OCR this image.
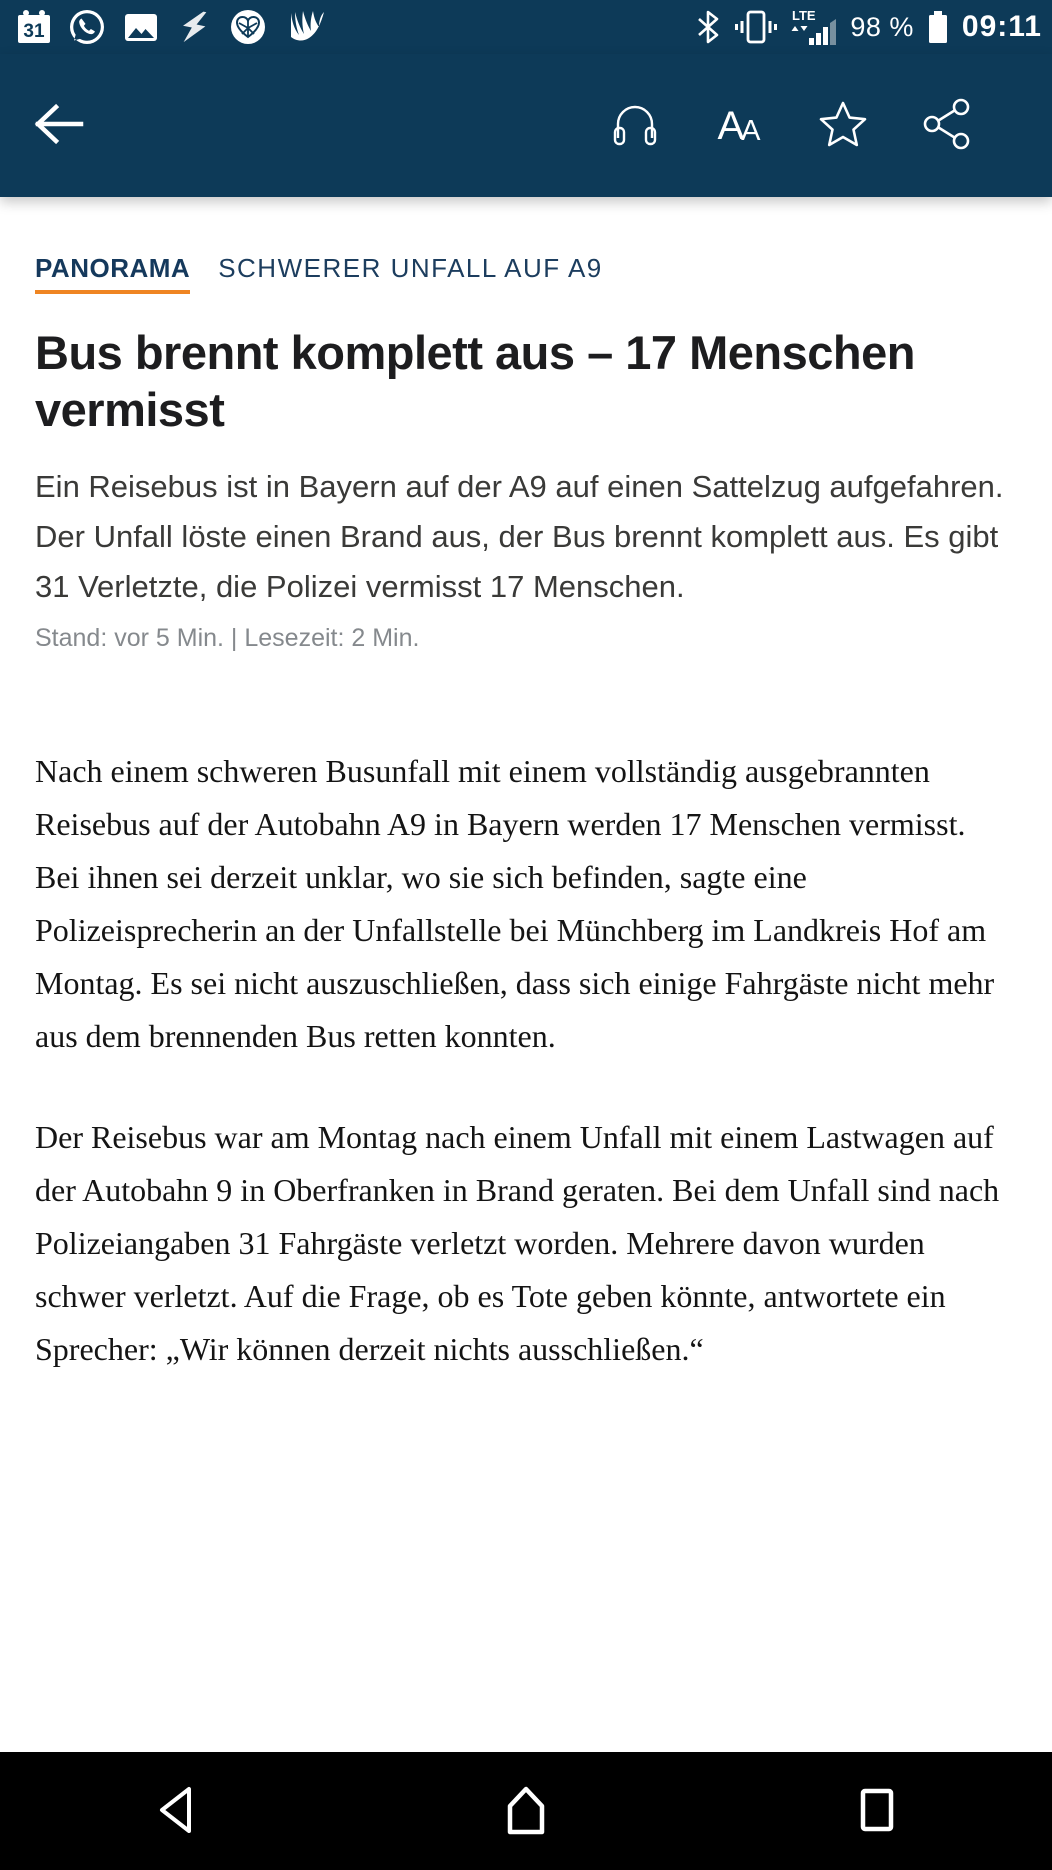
31
LTE 98 % 09:11
A
A
PANORAMA SCHWERER UNFALL AUF A9
Bus brennt komplett aus – 17 Menschen vermisst

Ein Reisebus ist in Bayern auf der A9 auf einen Sattelzug aufgefahren. Der Unfall löste einen Brand aus, der Bus brennt komplett aus. Es gibt 31 Verletzte, die Polizei vermisst 17 Menschen.

Stand: vor 5 Min. | Lesezeit: 2 Min.

Nach einem schweren Busunfall mit einem vollständig ausgebrannten Reisebus auf der Autobahn A9 in Bayern werden 17 Menschen vermisst. Bei ihnen sei derzeit unklar, wo sie sich befinden, sagte eine Polizeisprecherin an der Unfallstelle bei Münchberg im Landkreis Hof am Montag. Es sei nicht auszuschließen, dass sich einige Fahrgäste nicht mehr aus dem brennenden Bus retten konnten.

Der Reisebus war am Montag nach einem Unfall mit einem Lastwagen auf der Autobahn 9 in Oberfranken in Brand geraten. Bei dem Unfall sind nach Polizeiangaben 31 Fahrgäste verletzt worden. Mehrere davon wurden schwer verletzt. Auf die Frage, ob es Tote geben könnte, antwortete ein Sprecher: „Wir können derzeit nichts ausschließen.“
